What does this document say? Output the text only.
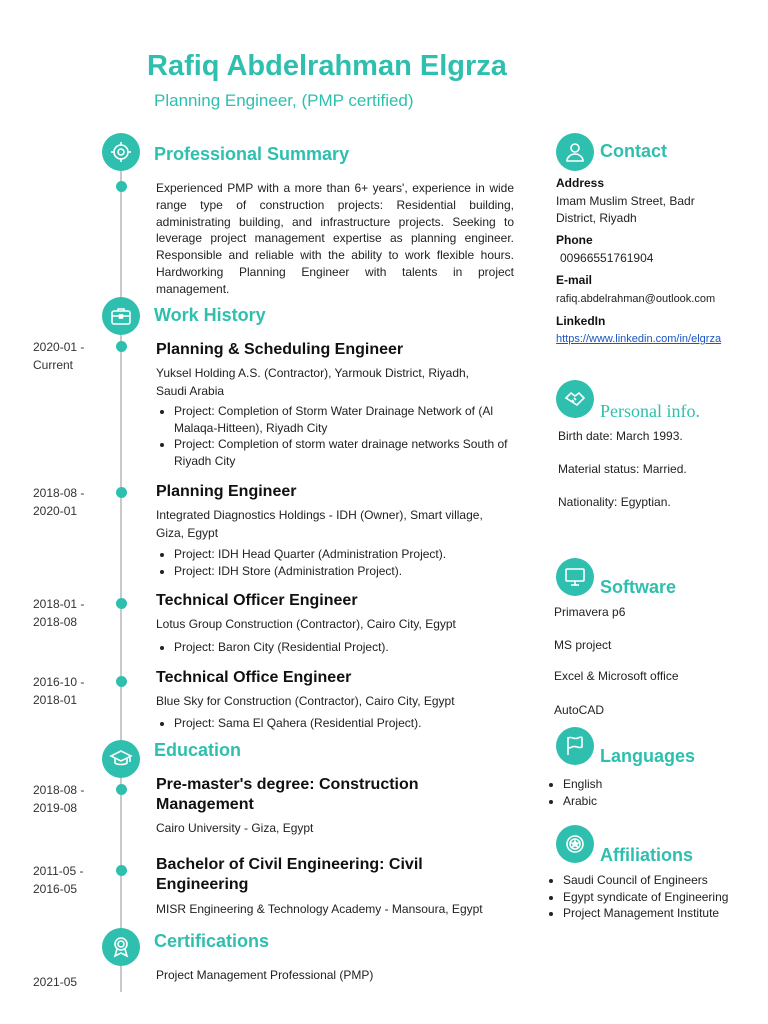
Rafiq Abdelrahman Elgrza
Planning Engineer, (PMP certified)
Professional Summary
Experienced PMP with a more than 6+ years', experience in wide range type of construction projects: Residential building, administrating building, and infrastructure projects. Seeking to leverage project management expertise as planning engineer. Responsible and reliable with the ability to work flexible hours. Hardworking Planning Engineer with talents in project management.
Work History
2020-01 -
Current
Planning & Scheduling Engineer
Yuksel Holding A.S. (Contractor), Yarmouk District, Riyadh, Saudi Arabia
• Project: Completion of Storm Water Drainage Network of (Al Malaqa-Hitteen), Riyadh City
• Project: Completion of storm water drainage networks South of Riyadh City
2018-08 -
2020-01
Planning Engineer
Integrated Diagnostics Holdings - IDH (Owner), Smart village, Giza, Egypt
• Project: IDH Head Quarter (Administration Project).
• Project: IDH Store (Administration Project).
2018-01 -
2018-08
Technical Officer Engineer
Lotus Group Construction (Contractor), Cairo City, Egypt
• Project: Baron City (Residential Project).
2016-10 -
2018-01
Technical Office Engineer
Blue Sky for Construction (Contractor), Cairo City, Egypt
• Project: Sama El Qahera (Residential Project).
Education
2018-08 -
2019-08
Pre-master's degree: Construction Management
Cairo University - Giza, Egypt
2011-05 -
2016-05
Bachelor of Civil Engineering: Civil Engineering
MISR Engineering & Technology Academy - Mansoura, Egypt
Certifications
2021-05	Project Management Professional (PMP)
Contact
Address
Imam Muslim Street, Badr District, Riyadh
Phone
00966551761904
E-mail
rafiq.abdelrahman@outlook.com
LinkedIn
https://www.linkedin.com/in/elgrza
Personal info.
Birth date: March 1993.
Material status: Married.
Nationality: Egyptian.
Software
Primavera p6
MS project
Excel & Microsoft office
AutoCAD
Languages
• English
• Arabic
Affiliations
• Saudi Council of Engineers
• Egypt syndicate of Engineering
• Project Management Institute
